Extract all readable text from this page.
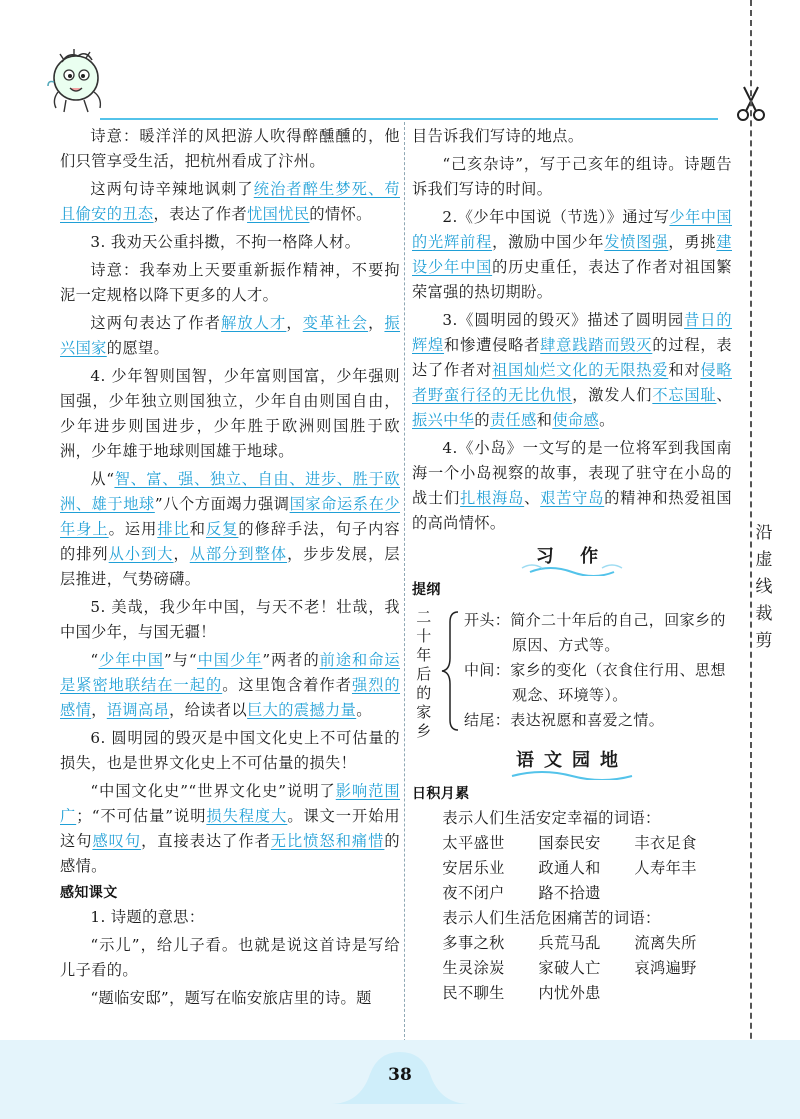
沿虚线裁剪
诗意：暖洋洋的风把游人吹得醉醺醺的，他们只管享受生活，把杭州看成了汴州。
这两句诗辛辣地讽刺了统治者醉生梦死、苟且偷安的丑态，表达了作者忧国忧民的情怀。
3. 我劝天公重抖擞，不拘一格降人材。
诗意：我奉劝上天要重新振作精神，不要拘泥一定规格以降下更多的人才。
这两句表达了作者解放人才，变革社会，振兴国家的愿望。
4. 少年智则国智，少年富则国富，少年强则国强，少年独立则国独立，少年自由则国自由，少年进步则国进步，少年胜于欧洲则国胜于欧洲，少年雄于地球则国雄于地球。
从“智、富、强、独立、自由、进步、胜于欧洲、雄于地球”八个方面竭力强调国家命运系在少年身上。运用排比和反复的修辞手法，句子内容的排列从小到大，从部分到整体，步步发展，层层推进，气势磅礴。
5. 美哉，我少年中国，与天不老！壮哉，我中国少年，与国无疆！
“少年中国”与“中国少年”两者的前途和命运是紧密地联结在一起的。这里饱含着作者强烈的感情，语调高昂，给读者以巨大的震撼力量。
6. 圆明园的毁灭是中国文化史上不可估量的损失，也是世界文化史上不可估量的损失！
“中国文化史”“世界文化史”说明了影响范围广；“不可估量”说明损失程度大。课文一开始用这句感叹句，直接表达了作者无比愤怒和痛惜的感情。
感知课文
1. 诗题的意思：
“示儿”，给儿子看。也就是说这首诗是写给儿子看的。
“题临安邸”，题写在临安旅店里的诗。题
目告诉我们写诗的地点。
“己亥杂诗”，写于己亥年的组诗。诗题告诉我们写诗的时间。
2.《少年中国说（节选）》通过写少年中国的光辉前程，激励中国少年发愤图强，勇挑建设少年中国的历史重任，表达了作者对祖国繁荣富强的热切期盼。
3.《圆明园的毁灭》描述了圆明园昔日的辉煌和惨遭侵略者肆意践踏而毁灭的过程，表达了作者对祖国灿烂文化的无限热爱和对侵略者野蛮行径的无比仇恨，激发人们不忘国耻、振兴中华的责任感和使命感。
4.《小岛》一文写的是一位将军到我国南海一个小岛视察的故事，表现了驻守在小岛的战士们扎根海岛、艰苦守岛的精神和热爱祖国的高尚情怀。
习 作
提纲
二十年后的家乡
开头：简介二十年后的自己，回家乡的
原因、方式等。
中间：家乡的变化（衣食住行用、思想
观念、环境等）。
结尾：表达祝愿和喜爱之情。
语文园地
日积月累
表示人们生活安定幸福的词语：
太平盛世 国泰民安 丰衣足食
安居乐业 政通人和 人寿年丰
夜不闭户 路不拾遗
表示人们生活危困痛苦的词语：
多事之秋 兵荒马乱 流离失所
生灵涂炭 家破人亡 哀鸿遍野
民不聊生 内忧外患
38
